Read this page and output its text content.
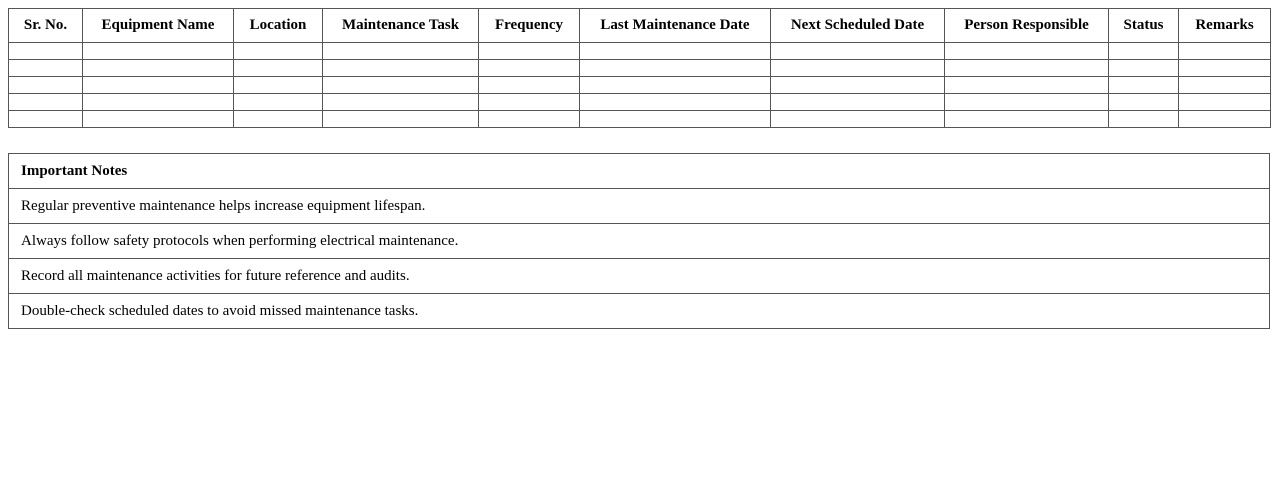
Sr. No.	Equipment Name	Location	Maintenance Task	Frequency	Last Maintenance Date	Next Scheduled Date	Person Responsible	Status	Remarks

Important Notes
Regular preventive maintenance helps increase equipment lifespan.
Always follow safety protocols when performing electrical maintenance.
Record all maintenance activities for future reference and audits.
Double-check scheduled dates to avoid missed maintenance tasks.
